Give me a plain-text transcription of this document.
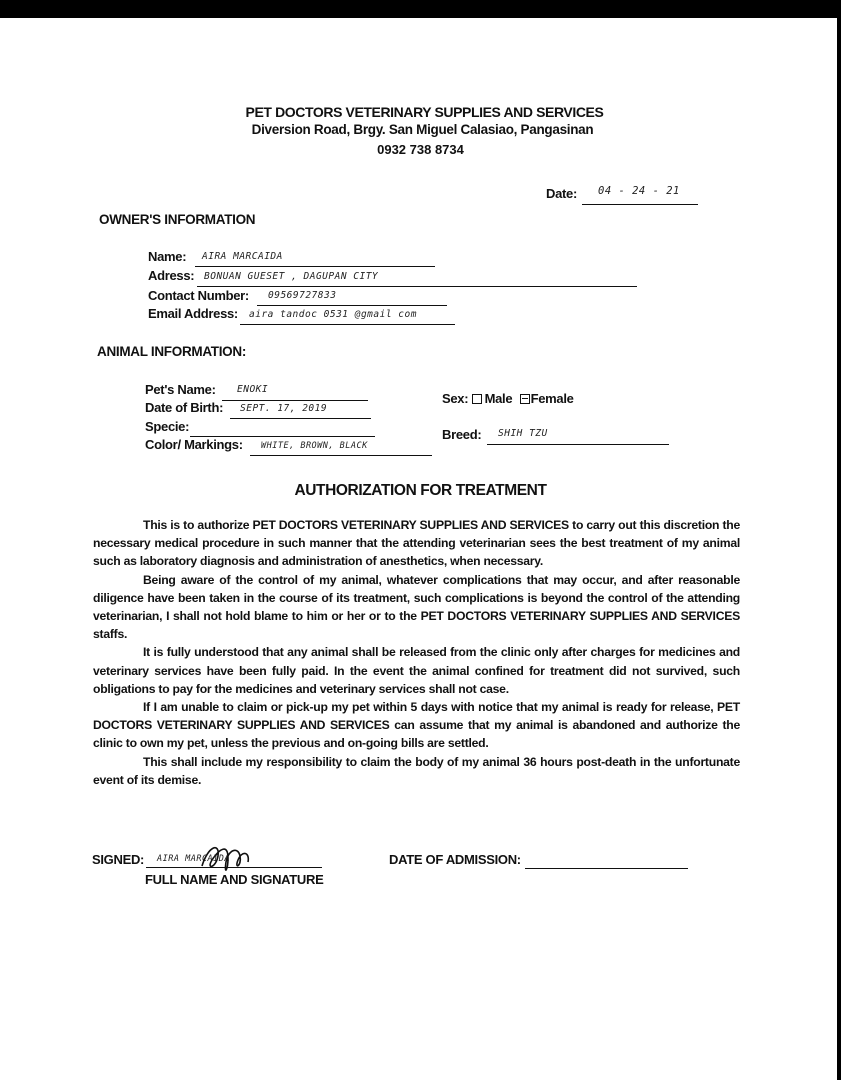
PET DOCTORS VETERINARY SUPPLIES AND SERVICES
Diversion Road, Brgy. San Miguel Calasiao, Pangasinan
0932 738 8734
Date: 04 - 24 - 21
OWNER'S INFORMATION
Name: AIRA MARCAIDA
Adress: BONUAN GUESET , DAGUPAN CITY
Contact Number: 09569727833
Email Address: aira tandoc 0531 @gmail com
ANIMAL INFORMATION:
Pet's Name: ENOKI
Date of Birth: SEPT. 17, 2019
Specie:
Color/ Markings: WHITE, BROWN, BLACK
Sex: Male Female
Breed: SHIH TZU
AUTHORIZATION FOR TREATMENT

This is to authorize PET DOCTORS VETERINARY SUPPLIES AND SERVICES to carry out this discretion the necessary medical procedure in such manner that the attending veterinarian sees the best treatment of my animal such as laboratory diagnosis and administration of anesthetics, when necessary.

Being aware of the control of my animal, whatever complications that may occur, and after reasonable diligence have been taken in the course of its treatment, such complications is beyond the control of the attending veterinarian, I shall not hold blame to him or her or to the PET DOCTORS VETERINARY SUPPLIES AND SERVICES staffs.

It is fully understood that any animal shall be released from the clinic only after charges for medicines and veterinary services have been fully paid. In the event the animal confined for treatment did not survived, such obligations to pay for the medicines and veterinary services shall not case.

If I am unable to claim or pick-up my pet within 5 days with notice that my animal is ready for release, PET DOCTORS VETERINARY SUPPLIES AND SERVICES can assume that my animal is abandoned and authorize the clinic to own my pet, unless the previous and on-going bills are settled.

This shall include my responsibility to claim the body of my animal 36 hours post-death in the unfortunate event of its demise.

SIGNED: AIRA MARCAIDA
FULL NAME AND SIGNATURE
DATE OF ADMISSION:
